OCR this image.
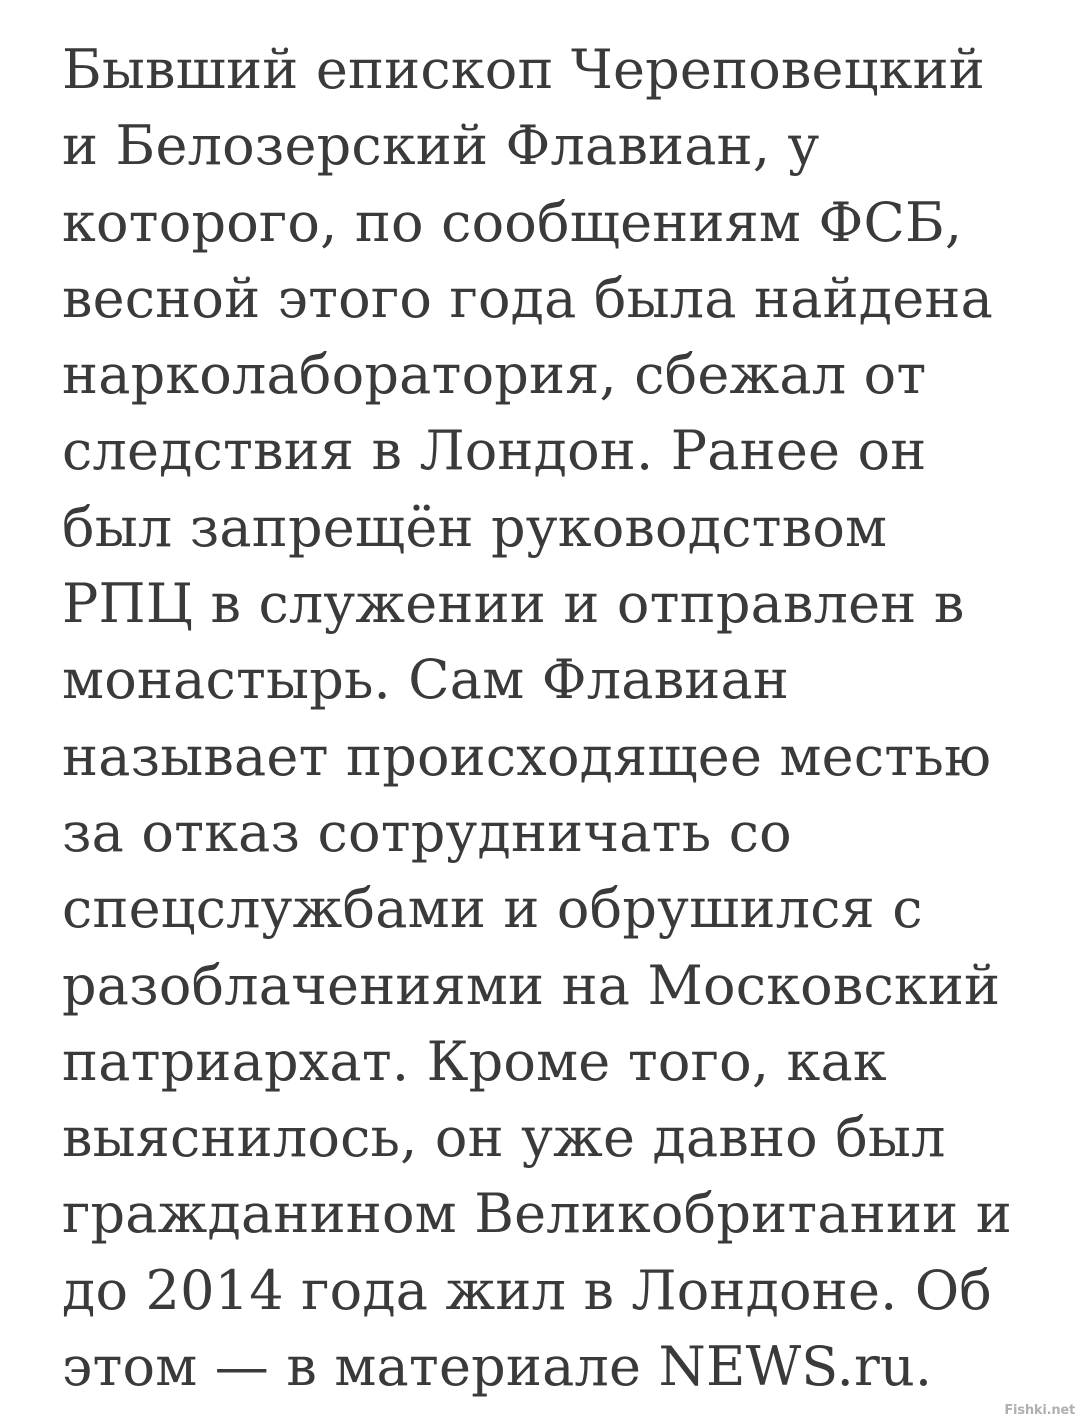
Бывший епископ Череповецкий
и Белозерский Флавиан, у
которого, по сообщениям ФСБ,
весной этого года была найдена
нарколаборатория, сбежал от
следствия в Лондон. Ранее он
был запрещён руководством
РПЦ в служении и отправлен в
монастырь. Сам Флавиан
называет происходящее местью
за отказ сотрудничать со
спецслужбами и обрушился с
разоблачениями на Московский
патриархат. Кроме того, как
выяснилось, он уже давно был
гражданином Великобритании и
до 2014 года жил в Лондоне. Об
этом — в материале NEWS.ru.
Fishki.net
